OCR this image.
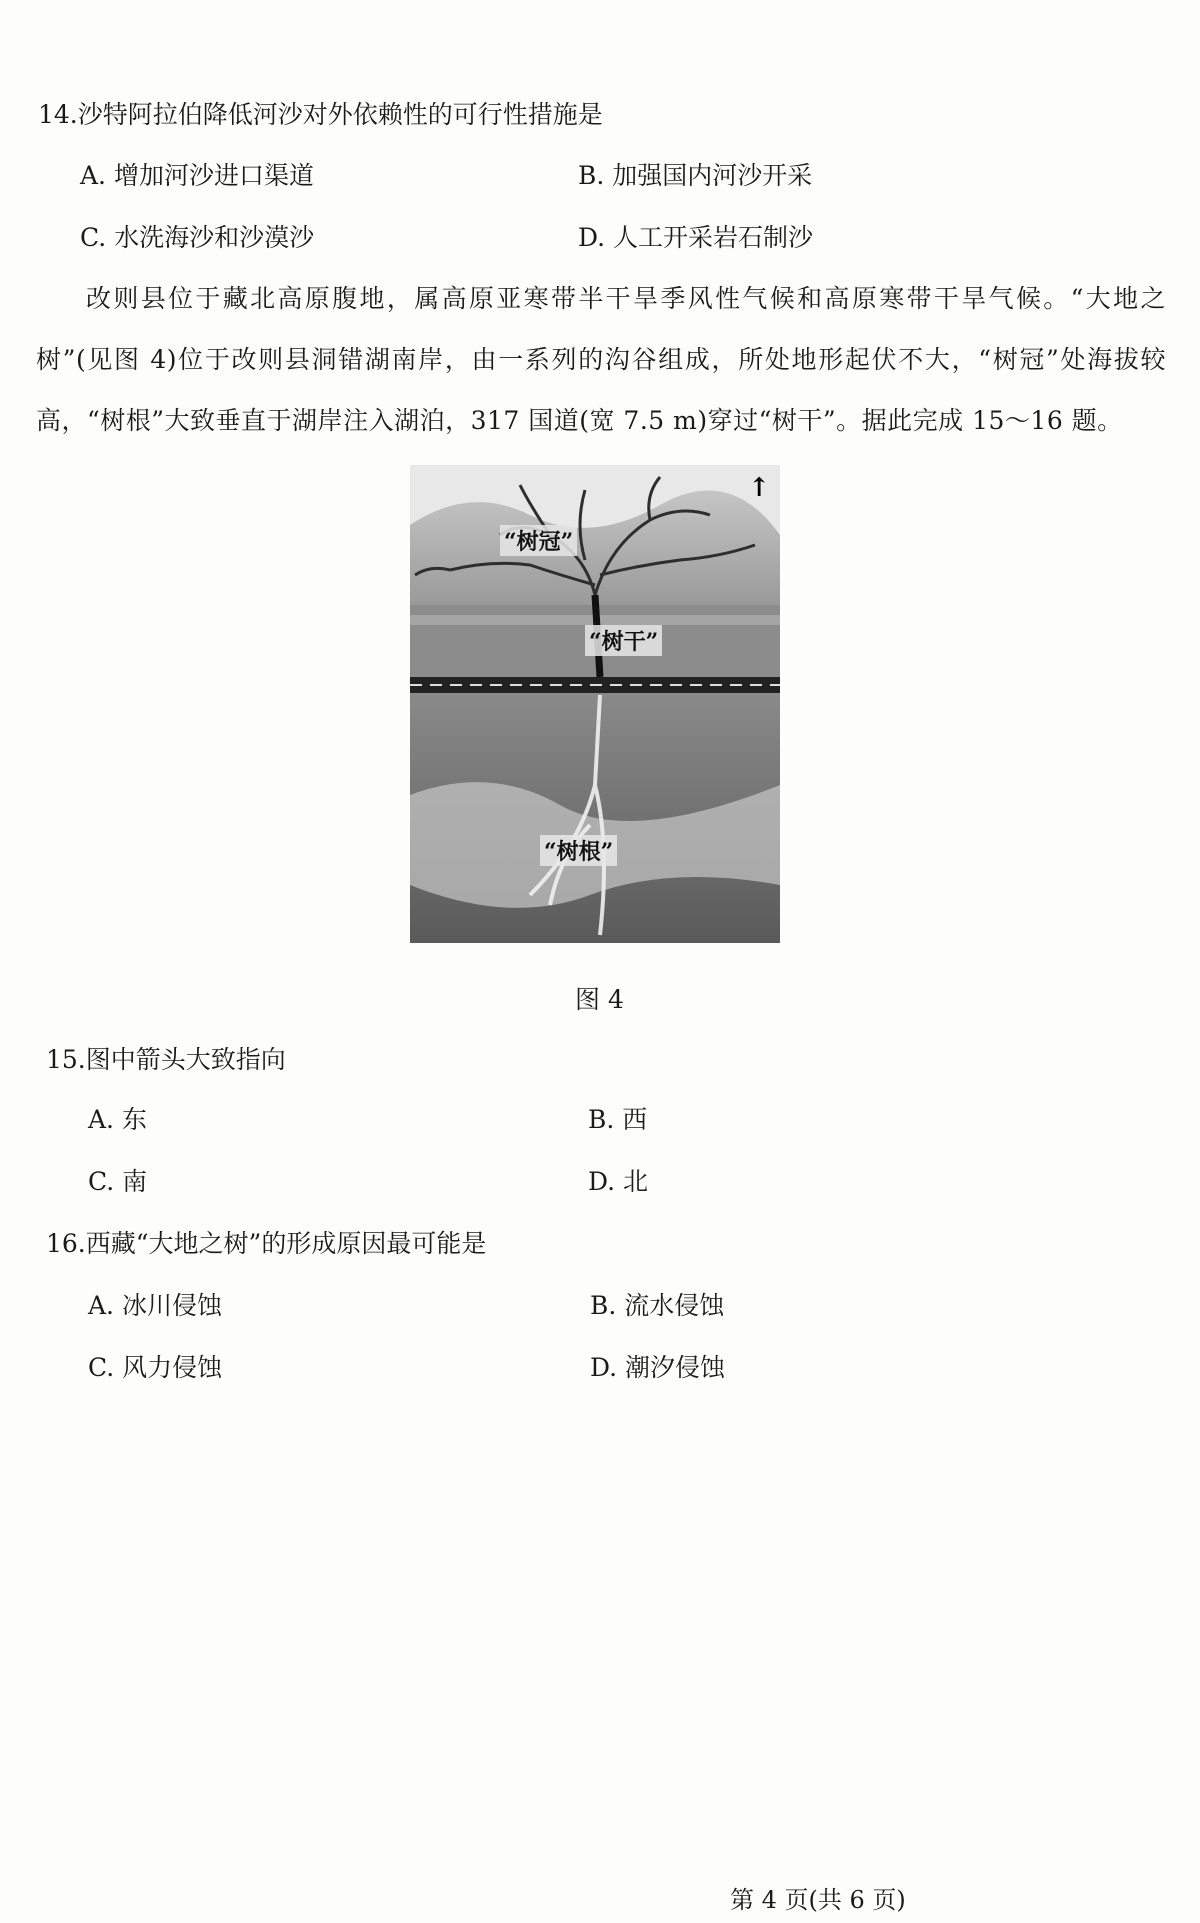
14.沙特阿拉伯降低河沙对外依赖性的可行性措施是
A. 增加河沙进口渠道	B. 加强国内河沙开采
C. 水洗海沙和沙漠沙	D. 人工开采岩石制沙
改则县位于藏北高原腹地，属高原亚寒带半干旱季风性气候和高原寒带干旱气候。“大地之树”(见图 4)位于改则县洞错湖南岸，由一系列的沟谷组成，所处地形起伏不大，“树冠”处海拔较高，“树根”大致垂直于湖岸注入湖泊，317 国道(宽 7.5 m)穿过“树干”。据此完成 15～16 题。
“树冠”
“树干”
“树根”
↑
图 4
15.图中箭头大致指向
A. 东	B. 西
C. 南	D. 北
16.西藏“大地之树”的形成原因最可能是
A. 冰川侵蚀	B. 流水侵蚀
C. 风力侵蚀	D. 潮汐侵蚀
第 4 页(共 6 页)
